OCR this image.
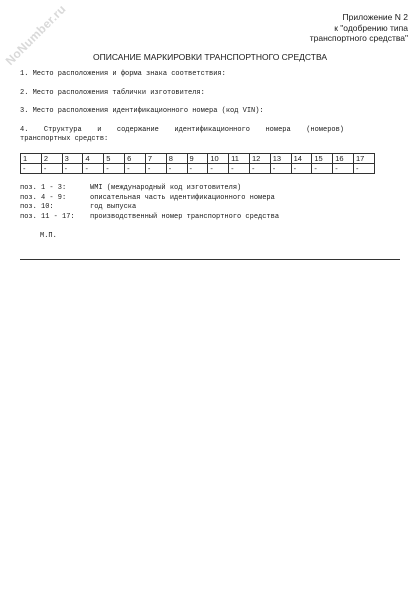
NoNumber.ru	Приложение N 2
к "одобрению типа
транспортного средства"
ОПИСАНИЕ МАРКИРОВКИ ТРАНСПОРТНОГО СРЕДСТВА
1. Место расположения и форма знака соответствия:
2. Место расположения таблички изготовителя:
3. Место расположения идентификационного номера (код VIN):
4. Структура и содержание идентификационного номера (номеров)
транспортных средств:
1	2	3	4	5	6	7	8	9	10	11	12	13	14	15	16	17
-	-	-	-	-	-	-	-	-	-	-	-	-	-	-	-	-
поз. 1 - 3:	WMI (международный код изготовителя)
поз. 4 - 9:	описательная часть идентификационного номера
поз. 10:	год выпуска
поз. 11 - 17:	производственный номер транспортного средства
М.П.
